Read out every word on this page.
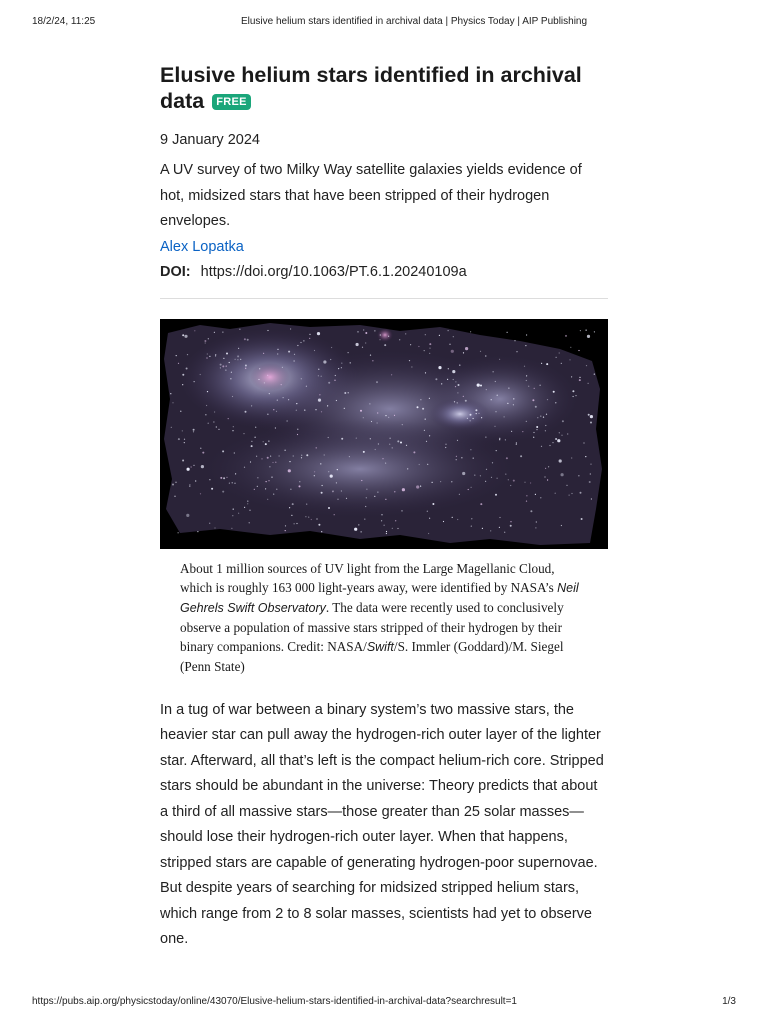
18/2/24, 11:25	Elusive helium stars identified in archival data | Physics Today | AIP Publishing
Elusive helium stars identified in archival data FREE
9 January 2024
A UV survey of two Milky Way satellite galaxies yields evidence of hot, midsized stars that have been stripped of their hydrogen envelopes.
Alex Lopatka
DOI: https://doi.org/10.1063/PT.6.1.20240109a
About 1 million sources of UV light from the Large Magellanic Cloud, which is roughly 163 000 light-years away, were identified by NASA’s Neil Gehrels Swift Observatory. The data were recently used to conclusively observe a population of massive stars stripped of their hydrogen by their binary companions. Credit: NASA/Swift/S. Immler (Goddard)/M. Siegel (Penn State)
In a tug of war between a binary system’s two massive stars, the heavier star can pull away the hydrogen-rich outer layer of the lighter star. Afterward, all that’s left is the compact helium-rich core. Stripped stars should be abundant in the universe: Theory predicts that about a third of all massive stars—those greater than 25 solar masses—should lose their hydrogen-rich outer layer. When that happens, stripped stars are capable of generating hydrogen-poor supernovae. But despite years of searching for midsized stripped helium stars, which range from 2 to 8 solar masses, scientists had yet to observe one.
https://pubs.aip.org/physicstoday/online/43070/Elusive-helium-stars-identified-in-archival-data?searchresult=1	1/3
